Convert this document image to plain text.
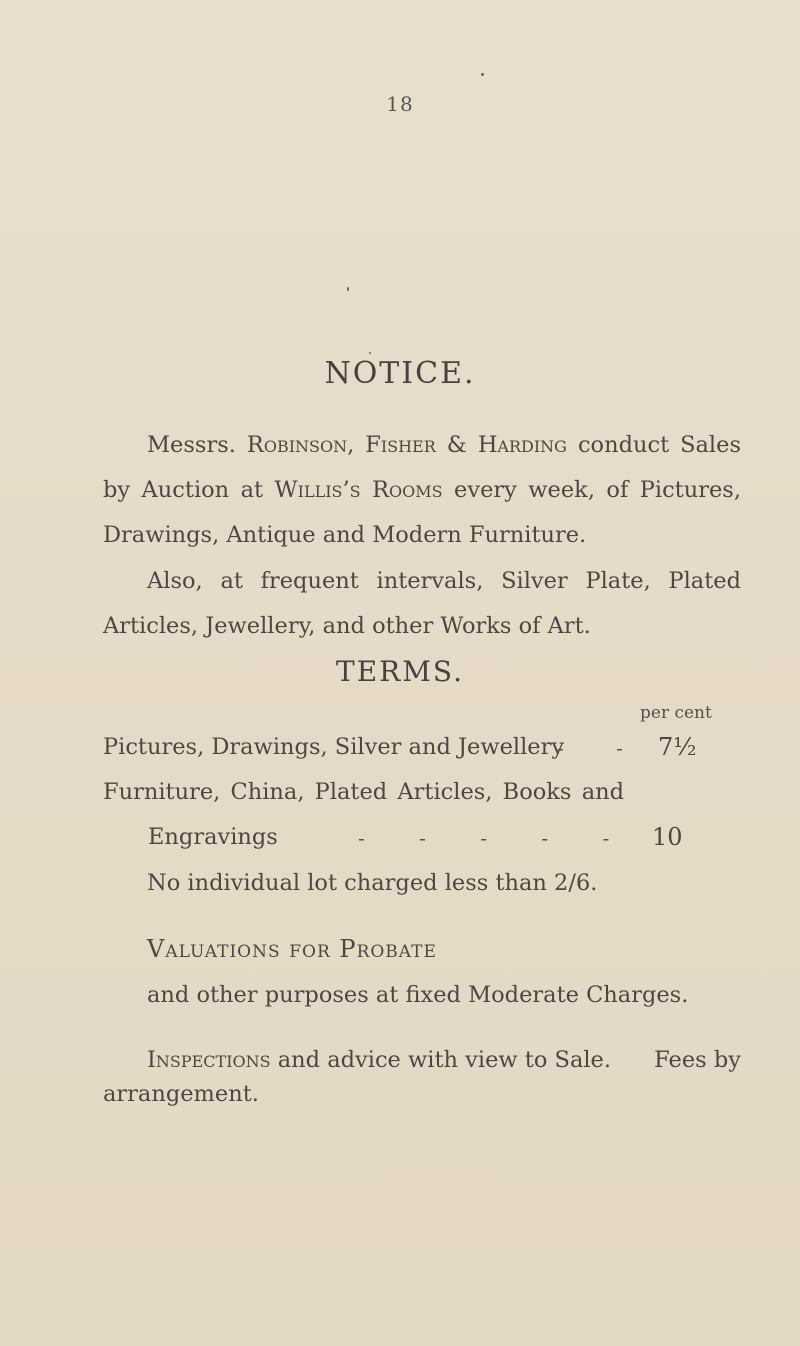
18
NOTICE.
Messrs. Robinson, Fisher & Harding conduct Sales
by Auction at Willis’s Rooms every week, of Pictures,
Drawings, Antique and Modern Furniture.
Also, at frequent intervals, Silver Plate, Plated
Articles, Jewellery, and other Works of Art.
TERMS.
per cent
Pictures, Drawings, Silver and Jewellery
- - 7½
Furniture, China, Plated Articles, Books and
Engravings	- - - - - 10
No individual lot charged less than 2/6.
Valuations for Probate
and other purposes at fixed Moderate Charges.
Inspections and advice with view to Sale. Fees by
arrangement.
